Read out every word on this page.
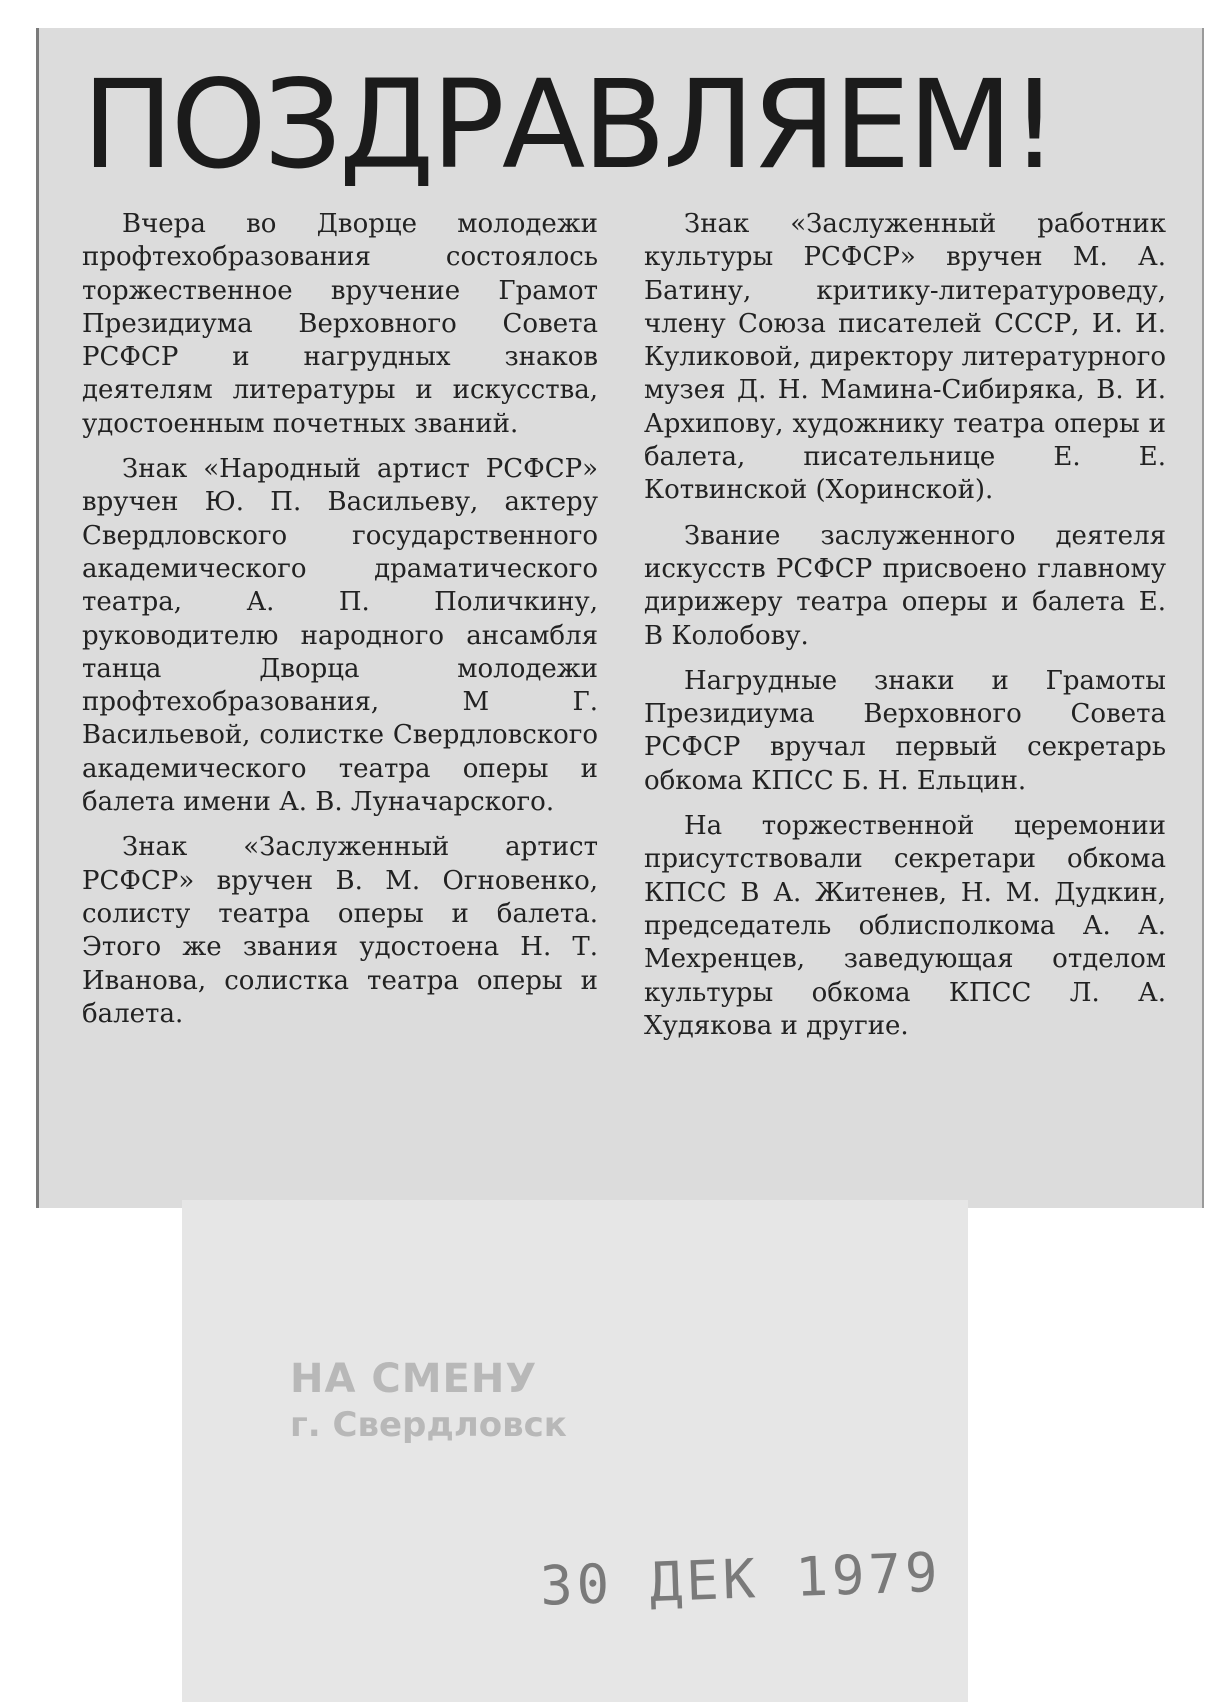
ПОЗДРАВЛЯЕМ!

Вчера во Дворце молодежи профтехобразования состоялось торжественное вручение Грамот Президиума Верховного Совета РСФСР и нагрудных знаков деятелям литературы и искусства, удостоенным почетных званий.

Знак «Народный артист РСФСР» вручен Ю. П. Васильеву, актеру Свердловского государственного академического драматического театра, А. П. Поличкину, руководителю народного ансамбля танца Дворца молодежи профтехобразования, М Г. Васильевой, солистке Свердловского академического театра оперы и балета имени А. В. Луначарского.

Знак «Заслуженный артист РСФСР» вручен В. М. Огновенко, солисту театра оперы и балета. Этого же звания удостоена Н. Т. Иванова, солистка театра оперы и балета.

Знак «Заслуженный работник культуры РСФСР» вручен М. А. Батину, критику-литературоведу, члену Союза писателей СССР, И. И. Куликовой, директору литературного музея Д. Н. Мамина-Сибиряка, В. И. Архипову, художнику театра оперы и балета, писательнице Е. Е. Котвинской (Хоринской).

Звание заслуженного деятеля искусств РСФСР присвоено главному дирижеру театра оперы и балета Е. В Колобову.

Нагрудные знаки и Грамоты Президиума Верховного Совета РСФСР вручал первый секретарь обкома КПСС Б. Н. Ельцин.

На торжественной церемонии присутствовали секретари обкома КПСС В А. Житенев, Н. М. Дудкин, председатель облисполкома А. А. Мехренцев, заведующая отделом культуры обкома КПСС Л. А. Худякова и другие.

НА СМЕНУ
г. Свердловск
30 ДЕК 1979
